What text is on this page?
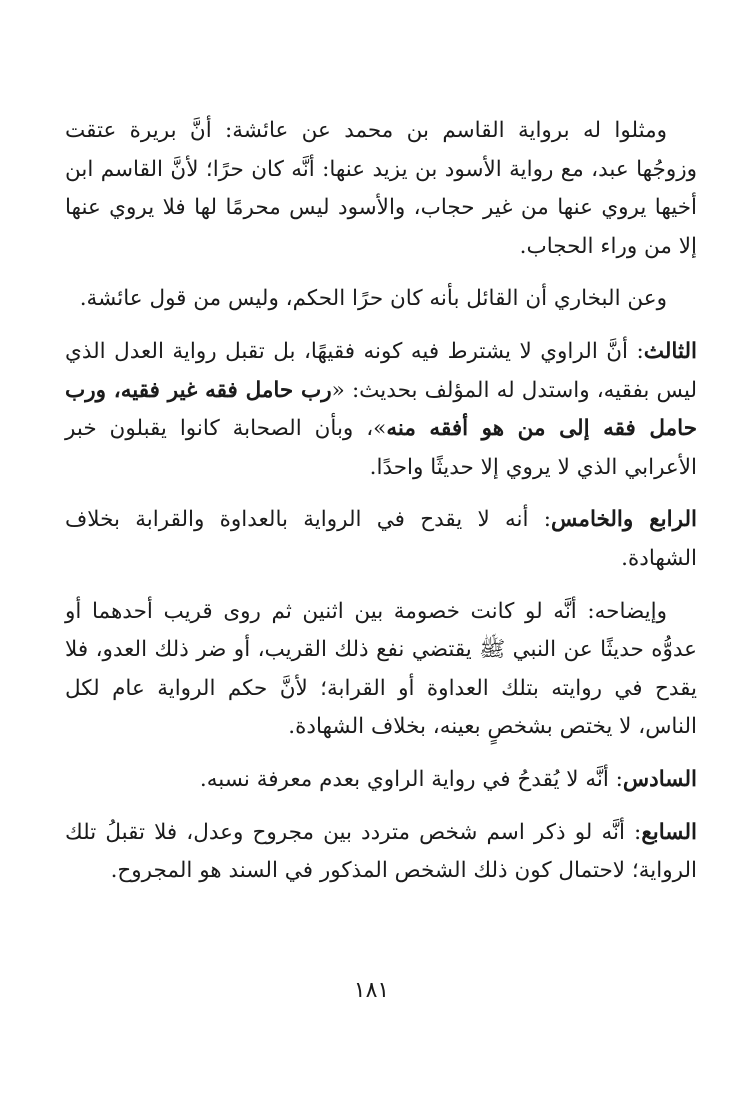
ومثلوا له برواية القاسم بن محمد عن عائشة: أنَّ بريرة عتقت وزوجُها عبد، مع رواية الأسود بن يزيد عنها: أنَّه كان حرًا؛ لأنَّ القاسم ابن أخيها يروي عنها من غير حجاب، والأسود ليس محرمًا لها فلا يروي عنها إلا من وراء الحجاب.

وعن البخاري أن القائل بأنه كان حرًا الحكم، وليس من قول عائشة.

الثالث: أنَّ الراوي لا يشترط فيه كونه فقيهًا، بل تقبل رواية العدل الذي ليس بفقيه، واستدل له المؤلف بحديث: «رب حامل فقه غير فقيه، ورب حامل فقه إلى من هو أفقه منه»، وبأن الصحابة كانوا يقبلون خبر الأعرابي الذي لا يروي إلا حديثًا واحدًا.

الرابع والخامس: أنه لا يقدح في الرواية بالعداوة والقرابة بخلاف الشهادة.

وإيضاحه: أنَّه لو كانت خصومة بين اثنين ثم روى قريب أحدهما أو عدوُّه حديثًا عن النبي ﷺ يقتضي نفع ذلك القريب، أو ضر ذلك العدو، فلا يقدح في روايته بتلك العداوة أو القرابة؛ لأنَّ حكم الرواية عام لكل الناس، لا يختص بشخصٍ بعينه، بخلاف الشهادة.

السادس: أنَّه لا يُقدحُ في رواية الراوي بعدم معرفة نسبه.

السابع: أنَّه لو ذكر اسم شخص متردد بين مجروح وعدل، فلا تقبلُ تلك الرواية؛ لاحتمال كون ذلك الشخص المذكور في السند هو المجروح.

١٨١
